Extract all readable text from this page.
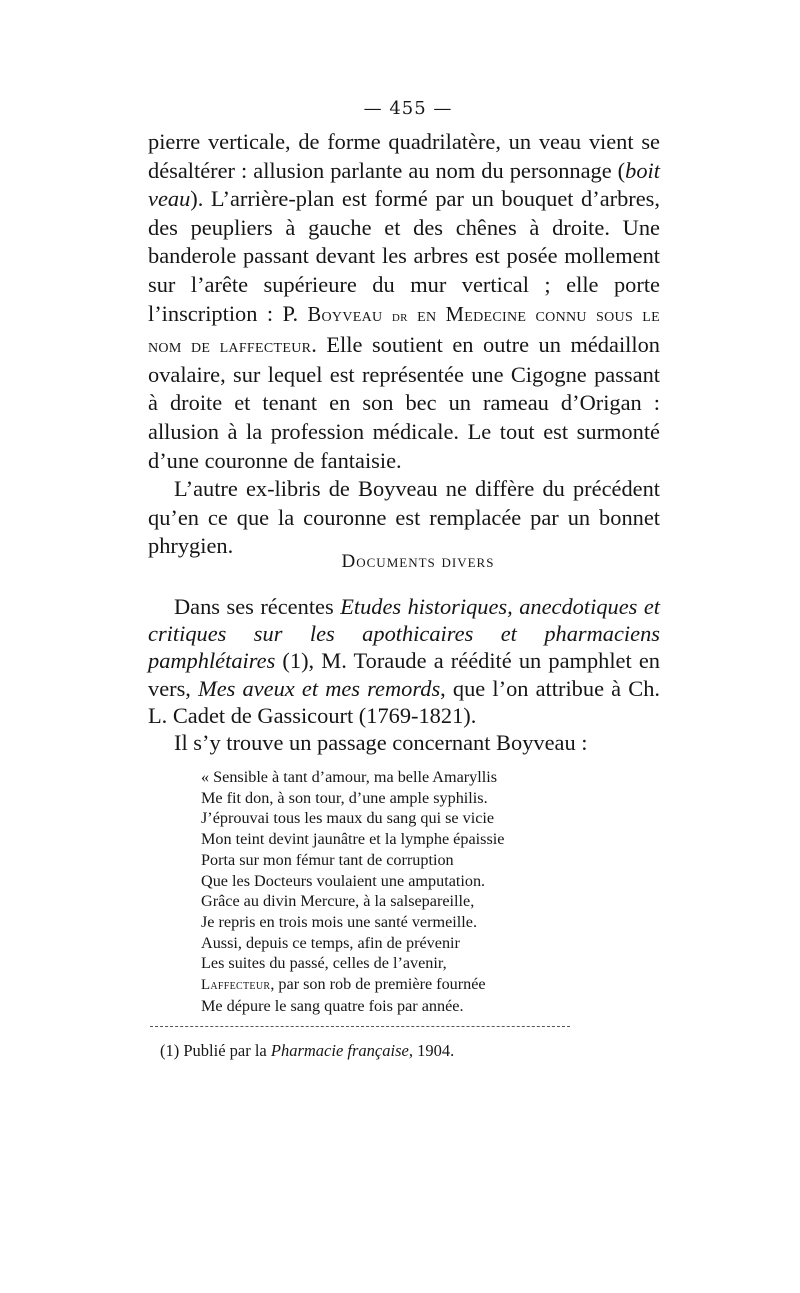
— 455 —

pierre verticale, de forme quadrilatère, un veau vient se désaltérer : allusion parlante au nom du personnage (boit veau). L’arrière-plan est formé par un bouquet d’arbres, des peupliers à gauche et des chênes à droite. Une banderole passant devant les arbres est posée mollement sur l’arête supérieure du mur vertical ; elle porte l’inscription : P. Boyveau dr en Medecine connu sous le nom de laffecteur. Elle soutient en outre un médaillon ovalaire, sur lequel est représentée une Cigogne passant à droite et tenant en son bec un rameau d’Origan : allusion à la profession médicale. Le tout est surmonté d’une couronne de fantaisie.

L’autre ex-libris de Boyveau ne diffère du précédent qu’en ce que la couronne est remplacée par un bonnet phrygien.

Documents divers

Dans ses récentes Etudes historiques, anecdotiques et critiques sur les apothicaires et pharmaciens pamphlétaires (1), M. Toraude a réédité un pamphlet en vers, Mes aveux et mes remords, que l’on attribue à Ch. L. Cadet de Gassicourt (1769-1821).

Il s’y trouve un passage concernant Boyveau :

« Sensible à tant d’amour, ma belle Amaryllis
Me fit don, à son tour, d’une ample syphilis.
J’éprouvai tous les maux du sang qui se vicie
Mon teint devint jaunâtre et la lymphe épaissie
Porta sur mon fémur tant de corruption
Que les Docteurs voulaient une amputation.
Grâce au divin Mercure, à la salsepareille,
Je repris en trois mois une santé vermeille.
Aussi, depuis ce temps, afin de prévenir
Les suites du passé, celles de l’avenir,
Laffecteur, par son rob de première fournée
Me dépure le sang quatre fois par année.
(1) Publié par la Pharmacie française, 1904.
